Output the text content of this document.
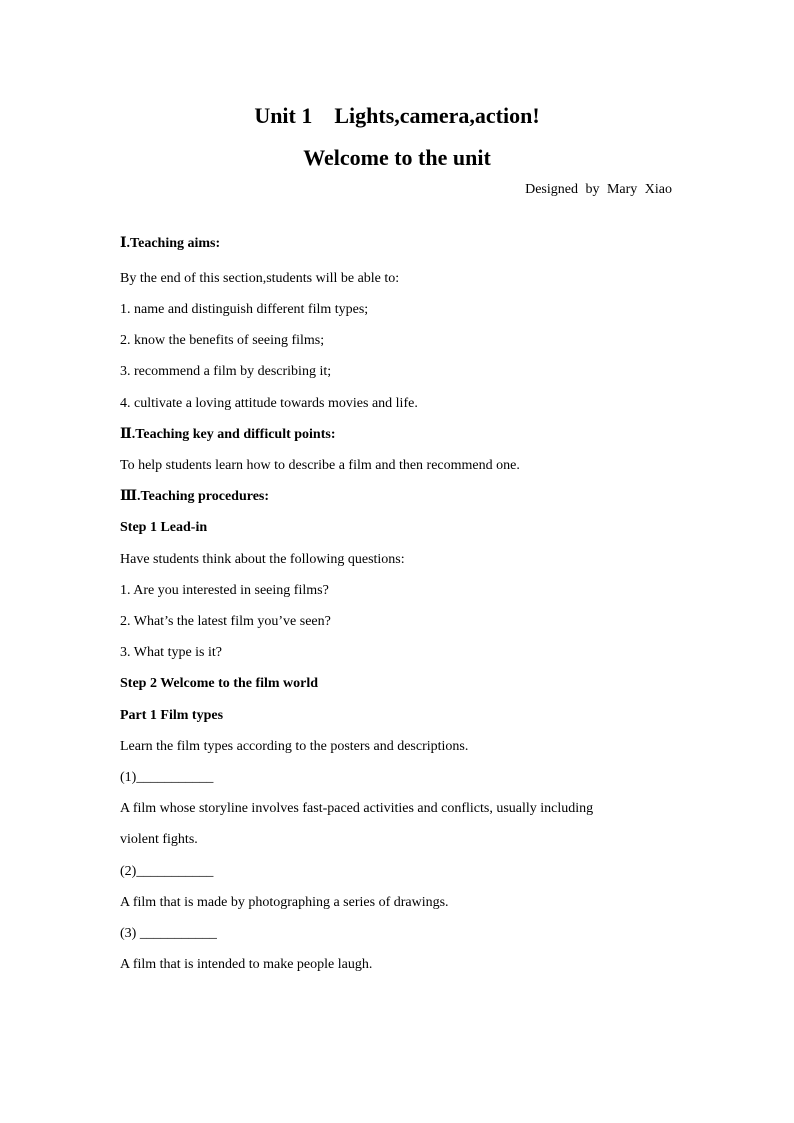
Unit 1    Lights,camera,action!
Welcome to the unit
Designed by Mary Xiao
Ⅰ.Teaching aims:
By the end of this section,students will be able to:
1. name and distinguish different film types;
2. know the benefits of seeing films;
3. recommend a film by describing it;
4. cultivate a loving attitude towards movies and life.
Ⅱ.Teaching key and difficult points:
To help students learn how to describe a film and then recommend one.
Ⅲ.Teaching procedures:
Step 1 Lead-in
Have students think about the following questions:
1. Are you interested in seeing films?
2. What’s the latest film you’ve seen?
3. What type is it?
Step 2 Welcome to the film world
Part 1 Film types
Learn the film types according to the posters and descriptions.
(1)___________
A film whose storyline involves fast-paced activities and conflicts, usually including
violent fights.
(2)___________
A film that is made by photographing a series of drawings.
(3) ___________
A film that is intended to make people laugh.
